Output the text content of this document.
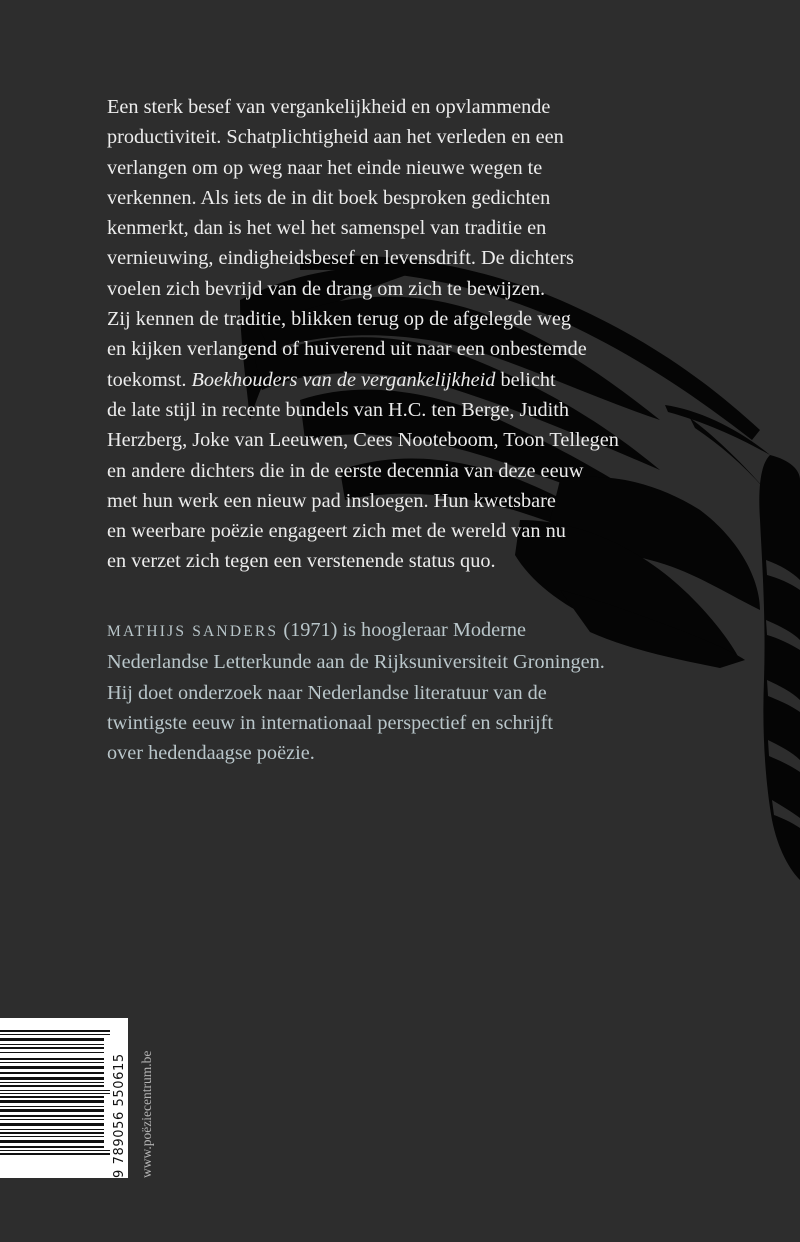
Een sterk besef van vergankelijkheid en opvlammende
productiviteit. Schatplichtigheid aan het verleden en een
verlangen om op weg naar het einde nieuwe wegen te
verkennen. Als iets de in dit boek besproken gedichten
kenmerkt, dan is het wel het samenspel van traditie en
vernieuwing, eindigheidsbesef en levensdrift. De dichters
voelen zich bevrijd van de drang om zich te bewijzen.
Zij kennen de traditie, blikken terug op de afgelegde weg
en kijken verlangend of huiverend uit naar een onbestemde
toekomst. Boekhouders van de vergankelijkheid belicht
de late stijl in recente bundels van H.C. ten Berge, Judith
Herzberg, Joke van Leeuwen, Cees Nooteboom, Toon Tellegen
en andere dichters die in de eerste decennia van deze eeuw
met hun werk een nieuw pad insloegen. Hun kwetsbare
en weerbare poëzie engageert zich met de wereld van nu
en verzet zich tegen een verstenende status quo.
MATHIJS SANDERS (1971) is hoogleraar Moderne
Nederlandse Letterkunde aan de Rijksuniversiteit Groningen.
Hij doet onderzoek naar Nederlandse literatuur van de
twintigste eeuw in internationaal perspectief en schrijft
over hedendaagse poëzie.
9 789056 550615 www.poëziecentrum.be
